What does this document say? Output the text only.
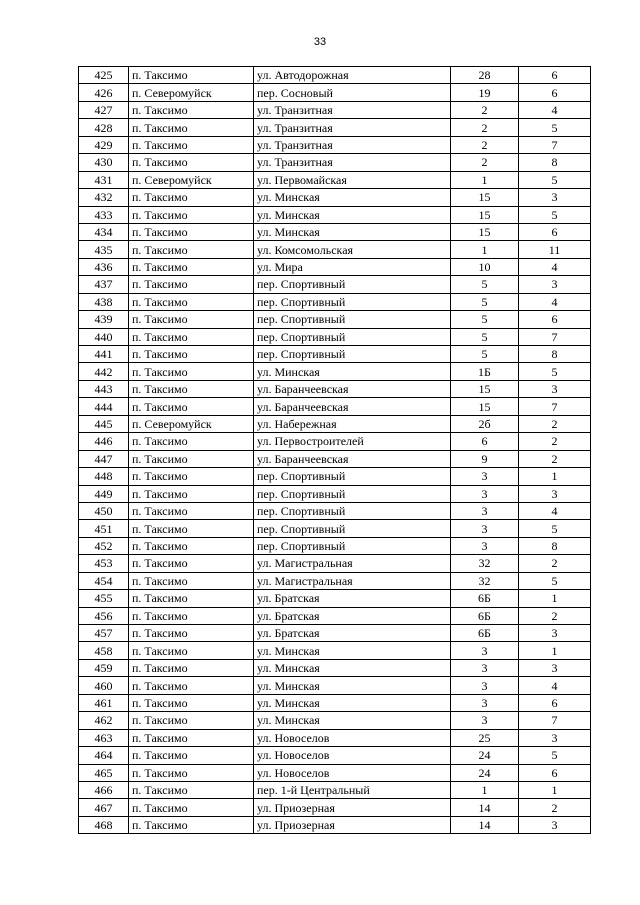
33
425	п. Таксимо	ул. Автодорожная	28	6
426	п. Северомуйск	пер. Сосновый	19	6
427	п. Таксимо	ул. Транзитная	2	4
428	п. Таксимо	ул. Транзитная	2	5
429	п. Таксимо	ул. Транзитная	2	7
430	п. Таксимо	ул. Транзитная	2	8
431	п. Северомуйск	ул. Первомайская	1	5
432	п. Таксимо	ул. Минская	15	3
433	п. Таксимо	ул. Минская	15	5
434	п. Таксимо	ул. Минская	15	6
435	п. Таксимо	ул. Комсомольская	1	11
436	п. Таксимо	ул. Мира	10	4
437	п. Таксимо	пер. Спортивный	5	3
438	п. Таксимо	пер. Спортивный	5	4
439	п. Таксимо	пер. Спортивный	5	6
440	п. Таксимо	пер. Спортивный	5	7
441	п. Таксимо	пер. Спортивный	5	8
442	п. Таксимо	ул. Минская	1Б	5
443	п. Таксимо	ул. Баранчеевская	15	3
444	п. Таксимо	ул. Баранчеевская	15	7
445	п. Северомуйск	ул. Набережная	2б	2
446	п. Таксимо	ул. Первостроителей	6	2
447	п. Таксимо	ул. Баранчеевская	9	2
448	п. Таксимо	пер. Спортивный	3	1
449	п. Таксимо	пер. Спортивный	3	3
450	п. Таксимо	пер. Спортивный	3	4
451	п. Таксимо	пер. Спортивный	3	5
452	п. Таксимо	пер. Спортивный	3	8
453	п. Таксимо	ул. Магистральная	32	2
454	п. Таксимо	ул. Магистральная	32	5
455	п. Таксимо	ул. Братская	6Б	1
456	п. Таксимо	ул. Братская	6Б	2
457	п. Таксимо	ул. Братская	6Б	3
458	п. Таксимо	ул. Минская	3	1
459	п. Таксимо	ул. Минская	3	3
460	п. Таксимо	ул. Минская	3	4
461	п. Таксимо	ул. Минская	3	6
462	п. Таксимо	ул. Минская	3	7
463	п. Таксимо	ул. Новоселов	25	3
464	п. Таксимо	ул. Новоселов	24	5
465	п. Таксимо	ул. Новоселов	24	6
466	п. Таксимо	пер. 1-й Центральный	1	1
467	п. Таксимо	ул. Приозерная	14	2
468	п. Таксимо	ул. Приозерная	14	3
